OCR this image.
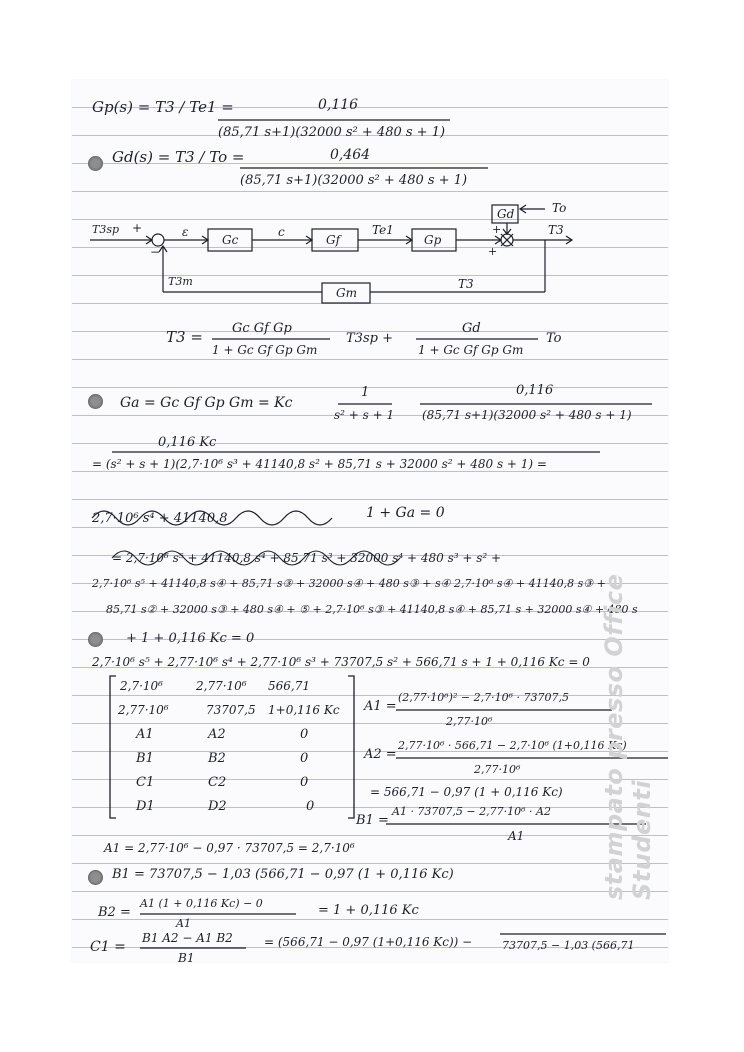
Gp(s) = T3 / Te1 =	0,116
(85,71 s+1)(32000 s² + 480 s + 1)
Gd(s) = T3 / To =	0,464
(85,71 s+1)(32000 s² + 480 s + 1)
Gd	To
T3sp +	ε
Gc
c
Gf
Te1
Gp
+
+
T3
T3m
Gm
T3
−
T3 = Gc Gf Gp
1 + Gc Gf Gp Gm
T3sp +
Gd
1 + Gc Gf Gp Gm
To
Ga = Gc Gf Gp Gm = Kc
1
s² + s + 1
0,116
(85,71 s+1)(32000 s² + 480 s + 1)
0,116 Kc
= (s² + s + 1)(2,7·10⁶ s³ + 41140,8 s² + 85,71 s + 32000 s² + 480 s + 1) =
2,7·10⁶ s⁴ + 41140,8	1 + Ga = 0
= 2,7·10⁶ s⁵ + 41140,8 s⁴ + 85,71 s³ + 32000 s⁴ + 480 s³ + s² +
2,7·10⁶ s⁵ + 41140,8 s④ + 85,71 s③ + 32000 s④ + 480 s③ + s④ 2,7·10⁶ s④ + 41140,8 s③ +
85,71 s② + 32000 s③ + 480 s④ + ⑤ + 2,7·10⁶ s③ + 41140,8 s④ + 85,71 s + 32000 s④ + 480 s
+ 1 + 0,116 Kc = 0
2,7·10⁶ s⁵ + 2,77·10⁶ s⁴ + 2,77·10⁶ s³ + 73707,5 s² + 566,71 s + 1 + 0,116 Kc = 0
2,7·10⁶	2,77·10⁶ 566,71
2,77·10⁶	73707,5 1+0,116 Kc
A1	A2	0
B1	B2	0
C1	C2	0
D1	D2	0
A1 =
(2,77·10⁶)² − 2,7·10⁶ · 73707,5
2,77·10⁶
A2 =
2,77·10⁶ · 566,71 − 2,7·10⁶ (1+0,116 Kc)
2,77·10⁶
= 566,71 − 0,97 (1 + 0,116 Kc)
B1 =
A1 · 73707,5 − 2,77·10⁶ · A2
A1
A1 = 2,77·10⁶ − 0,97 · 73707,5 = 2,7·10⁶
B1 = 73707,5 − 1,03 (566,71 − 0,97 (1 + 0,116 Kc)
B2 =
A1 (1 + 0,116 Kc) − 0
A1
= 1 + 0,116 Kc
C1 =
B1 A2 − A1 B2
B1
= (566,71 − 0,97 (1+0,116 Kc)) −	73707,5 − 1,03 (566,71
stampato presso Office Studenti
